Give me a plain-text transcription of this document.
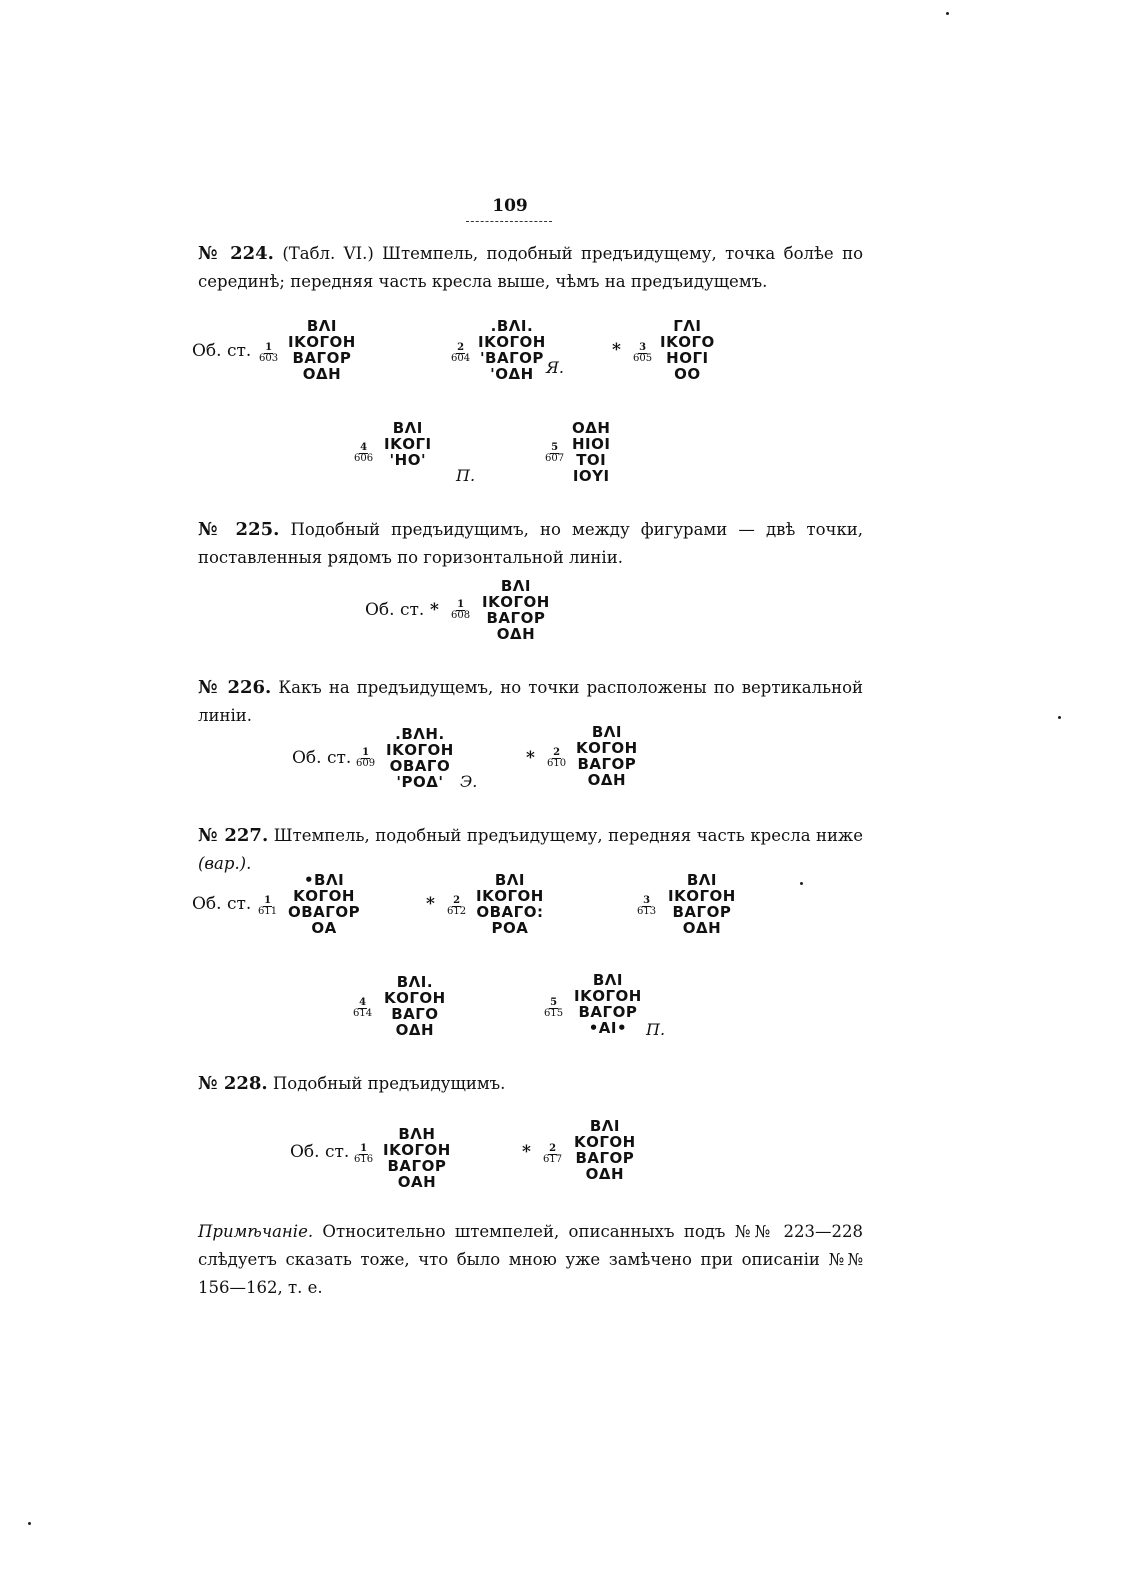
109
№ 224. (Табл. VI.) Штемпель, подобный предъидущему, точка болѣе по серединѣ; передняя часть кресла выше, чѣмъ на предъидущемъ.
Об. ст. $\frac{1}{603}$
ВΛΙ
ΙΚΟΓΟΗ
ВΑΓΟΡ
ΟΔΗ
$\frac{2}{604}$
.ВΛΙ.
ΙΚΟΓΟΗ
'ВΑΓΟΡ
'ΟΔΗ Я.
* $\frac{3}{605}$
ΓΛΙ
ΙΚΟΓΟ
ΗΟΓΙ
ΟΟ
$\frac{4}{606}$
ВΛΙ
ΙΚΟΓΙ
'ΗΟ'
П.
$\frac{5}{607}$
ΟΔΗ
ΗΙΟΙ
ΤΟΙ
ΙΟΥΙ
№ 225. Подобный предъидущимъ, но между фигурами — двѣ точки, поставленныя рядомъ по горизонтальной линіи.
Об. ст. * $\frac{1}{608}$
ВΛΙ
ΙΚΟΓΟΗ
ВΑΓΟΡ
ΟΔΗ
№ 226. Какъ на предъидущемъ, но точки расположены по вертикальной линіи.
Об. ст. $\frac{1}{609}$
.ВΛΗ.
ΙΚΟΓΟΗ
ΟВΑΓΟ
'ΡΟΔ'	Э.
* $\frac{2}{610}$
ВΛΙ
ΚΟΓΟΗ
ВΑΓΟΡ
ΟΔΗ
№ 227. Штемпель, подобный предъидущему, передняя часть кресла ниже (вар.).
Об. ст. $\frac{1}{611}$
•ВΛΙ
ΚΟΓΟΗ
ΟВΑΓΟΡ
ΟΑ
* $\frac{2}{612}$
ВΛΙ
ΙΚΟΓΟΗ
ΟВΑΓΟ:
ΡΟΑ
$\frac{3}{613}$
ВΛΙ
ΙΚΟΓΟΗ
ВΑΓΟΡ
ΟΔΗ
$\frac{4}{614}$
ВΛΙ.
ΚΟΓΟΗ
ВΑΓΟ
ΟΔΗ
$\frac{5}{615}$
ВΛΙ
ΙΚΟΓΟΗ
ВΑΓΟΡ
•ΑΙ•	П.
№ 228. Подобный предъидущимъ.
Об. ст. $\frac{1}{616}$
ВΛΗ
ΙΚΟΓΟΗ
ВΑΓΟΡ
ΟΑΗ
* $\frac{2}{617}$
ВΛΙ
ΚΟΓΟΗ
ВΑΓΟΡ
ΟΔΗ
Примѣчаніе. Относительно штемпелей, описанныхъ подъ №№ 223—228 слѣдуетъ сказать тоже, что было мною уже замѣчено при описаніи №№ 156—162, т. е.
